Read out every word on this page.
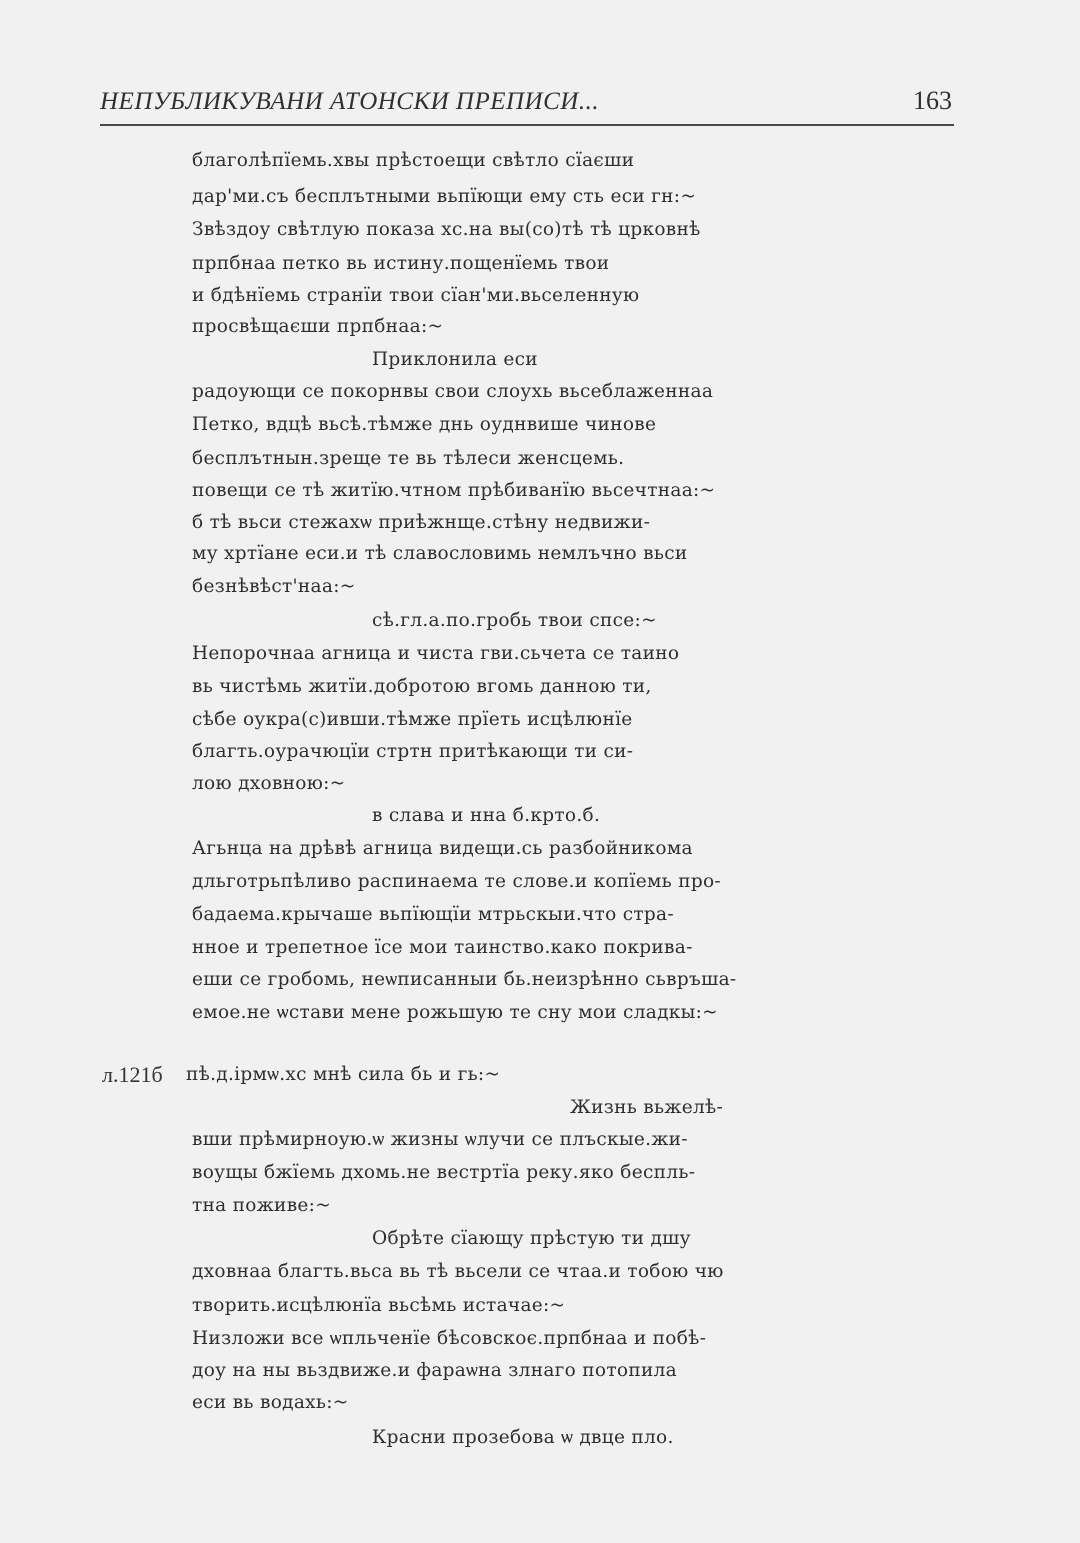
НЕПУБЛИКУВАНИ АТОНСКИ ПРЕПИСИ...	163
благолѣпїемь.хвы прѣстоещи свѣтло сїаєши
дар'ми.съ бесплътными вьпїющи ему сть еси гн:~
Звѣздоу свѣтлую показа хс.на вы(со)тѣ тѣ црковнѣ
прпбнаа петко вь истину.пощенїемь твои
и бдѣнїемь странїи твои сїан'ми.вьселенную
просвѣщаєши прпбнаа:~
Приклонила еси
радоующи се покорнвы свои слоухь вьсеблаженнаа
Петко, вдцѣ вьсѣ.тѣмже днь оуднвише чинове
бесплътнын.зреще те вь тѣлеси женсцемь.
повещи се тѣ житїю.чтном прѣбиванїю вьсечтнаа:~
б тѣ вьси стежахѡ приѣжнще.стѣну недвижи-
му хртїане еси.и тѣ славословимь немлъчно вьси
безнѣвѣст'наа:~
сѣ.гл.а.по.гробь твои спсе:~
Непорочнаа агница и чиста гви.сьчета се таино
вь чистѣмь житїи.добротою вгомь данною ти,
сѣбе оукра(с)ивши.тѣмже прїеть исцѣлюнїе
благть.оурачюцїи стртн притѣкающи ти си-
лою дховною:~
в слава и нна б.крто.б.
Агьнца на дрѣвѣ агница видещи.сь разбойникома
дльготрьпѣливо распинаема те слове.и копїемь про-
бадаема.крычаше вьпїющїи мтрьскыи.что стра-
нное и трепетное їсе мои таинство.како покрива-
еши се гробомь, неѡписанныи бь.неизрѣнно сьвръша-
емое.не ѡстави мене рожьшую те сну мои сладкы:~
л.121б пѣ.д.ірмѡ.хс мнѣ сила бь и гь:~
Жизнь вьжелѣ-
вши прѣмирноую.ѡ жизны ѡлучи се плъскые.жи-
воущы бжїемь дхомь.не вестртїа реку.яко беспль-
тна поживе:~
Обрѣте сїающу прѣстую ти дшу
дховнаа благть.вьса вь тѣ вьсели се чтаа.и тобою чю
творить.исцѣлюнїа вьсѣмь истачае:~
Низложи все ѡпльченїе бѣсовскоє.прпбнаа и побѣ-
доу на ны вьздвиже.и фараѡна злнаго потопила
еси вь водахь:~
Красни прозебова ѡ двце пло.
